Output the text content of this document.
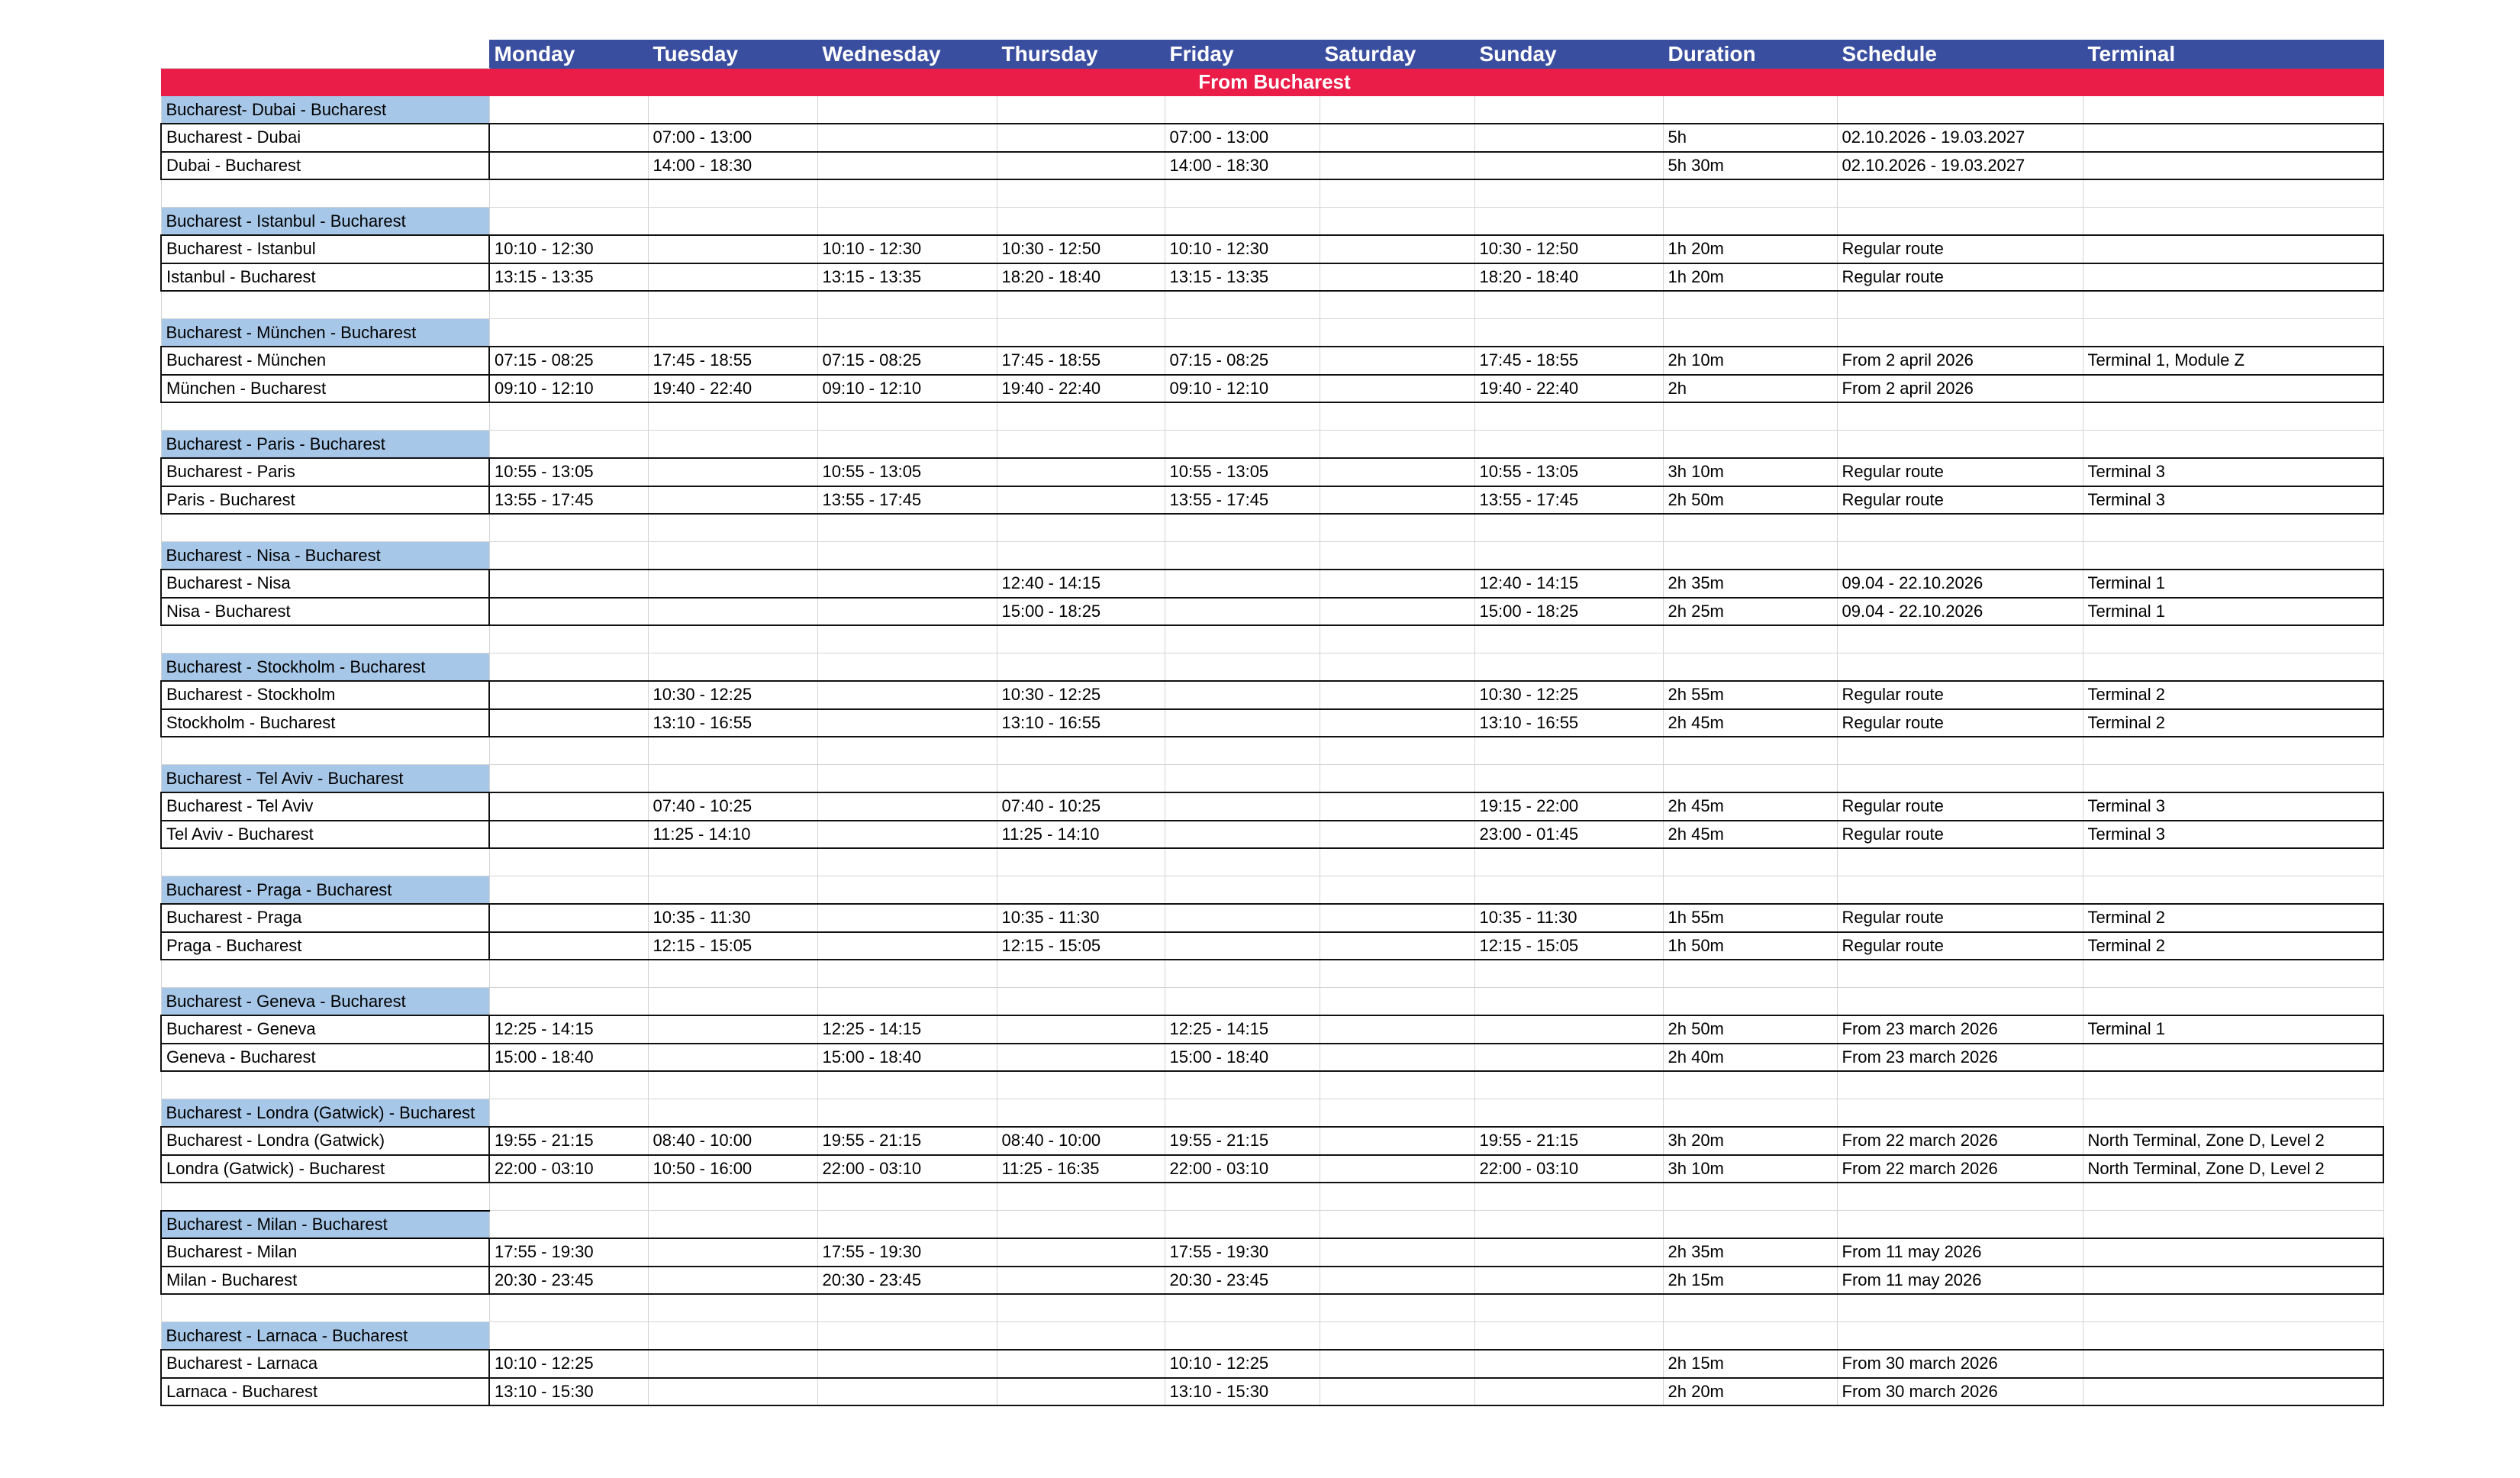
	Monday	Tuesday	Wednesday	Thursday	Friday	Saturday	Sunday	Duration	Schedule	Terminal
From Bucharest										
Bucharest- Dubai - Bucharest										
Bucharest - Dubai		07:00 - 13:00			07:00 - 13:00			5h	02.10.2026 - 19.03.2027	
Dubai - Bucharest		14:00 - 18:30			14:00 - 18:30			5h 30m	02.10.2026 - 19.03.2027	

Bucharest - Istanbul - Bucharest										
Bucharest - Istanbul	10:10 - 12:30		10:10 - 12:30	10:30 - 12:50	10:10 - 12:30		10:30 - 12:50	1h 20m	Regular route	
Istanbul - Bucharest	13:15 - 13:35		13:15 - 13:35	18:20 - 18:40	13:15 - 13:35		18:20 - 18:40	1h 20m	Regular route	

Bucharest - München - Bucharest										
Bucharest - München	07:15 - 08:25	17:45 - 18:55	07:15 - 08:25	17:45 - 18:55	07:15 - 08:25		17:45 - 18:55	2h 10m	From 2 april 2026	Terminal 1, Module Z
München - Bucharest	09:10 - 12:10	19:40 - 22:40	09:10 - 12:10	19:40 - 22:40	09:10 - 12:10		19:40 - 22:40	2h	From 2 april 2026	

Bucharest - Paris - Bucharest										
Bucharest - Paris	10:55 - 13:05		10:55 - 13:05		10:55 - 13:05		10:55 - 13:05	3h 10m	Regular route	Terminal 3
Paris - Bucharest	13:55 - 17:45		13:55 - 17:45		13:55 - 17:45		13:55 - 17:45	2h 50m	Regular route	Terminal 3

Bucharest - Nisa - Bucharest										
Bucharest - Nisa				12:40 - 14:15			12:40 - 14:15	2h 35m	09.04 - 22.10.2026	Terminal 1
Nisa - Bucharest				15:00 - 18:25			15:00 - 18:25	2h 25m	09.04 - 22.10.2026	Terminal 1

Bucharest - Stockholm - Bucharest										
Bucharest - Stockholm		10:30 - 12:25		10:30 - 12:25			10:30 - 12:25	2h 55m	Regular route	Terminal 2
Stockholm - Bucharest		13:10 - 16:55		13:10 - 16:55			13:10 - 16:55	2h 45m	Regular route	Terminal 2

Bucharest - Tel Aviv - Bucharest										
Bucharest - Tel Aviv		07:40 - 10:25		07:40 - 10:25			19:15 - 22:00	2h 45m	Regular route	Terminal 3
Tel Aviv - Bucharest		11:25 - 14:10		11:25 - 14:10			23:00 - 01:45	2h 45m	Regular route	Terminal 3

Bucharest - Praga - Bucharest										
Bucharest - Praga		10:35 - 11:30		10:35 - 11:30			10:35 - 11:30	1h 55m	Regular route	Terminal 2
Praga - Bucharest		12:15 - 15:05		12:15 - 15:05			12:15 - 15:05	1h 50m	Regular route	Terminal 2

Bucharest - Geneva - Bucharest										
Bucharest - Geneva	12:25 - 14:15		12:25 - 14:15		12:25 - 14:15			2h 50m	From 23 march 2026	Terminal 1
Geneva - Bucharest	15:00 - 18:40		15:00 - 18:40		15:00 - 18:40			2h 40m	From 23 march 2026	

Bucharest - Londra (Gatwick) - Bucharest										
Bucharest - Londra (Gatwick)	19:55 - 21:15	08:40 - 10:00	19:55 - 21:15	08:40 - 10:00	19:55 - 21:15		19:55 - 21:15	3h 20m	From 22 march 2026	North Terminal, Zone D, Level 2
Londra (Gatwick) - Bucharest	22:00 - 03:10	10:50 - 16:00	22:00 - 03:10	11:25 - 16:35	22:00 - 03:10		22:00 - 03:10	3h 10m	From 22 march 2026	North Terminal, Zone D, Level 2

Bucharest - Milan - Bucharest										
Bucharest - Milan	17:55 - 19:30		17:55 - 19:30		17:55 - 19:30			2h 35m	From 11 may 2026	
Milan - Bucharest	20:30 - 23:45		20:30 - 23:45		20:30 - 23:45			2h 15m	From 11 may 2026	

Bucharest - Larnaca - Bucharest										
Bucharest - Larnaca	10:10 - 12:25				10:10 - 12:25			2h 15m	From 30 march 2026	
Larnaca - Bucharest	13:10 - 15:30				13:10 - 15:30			2h 20m	From 30 march 2026	
